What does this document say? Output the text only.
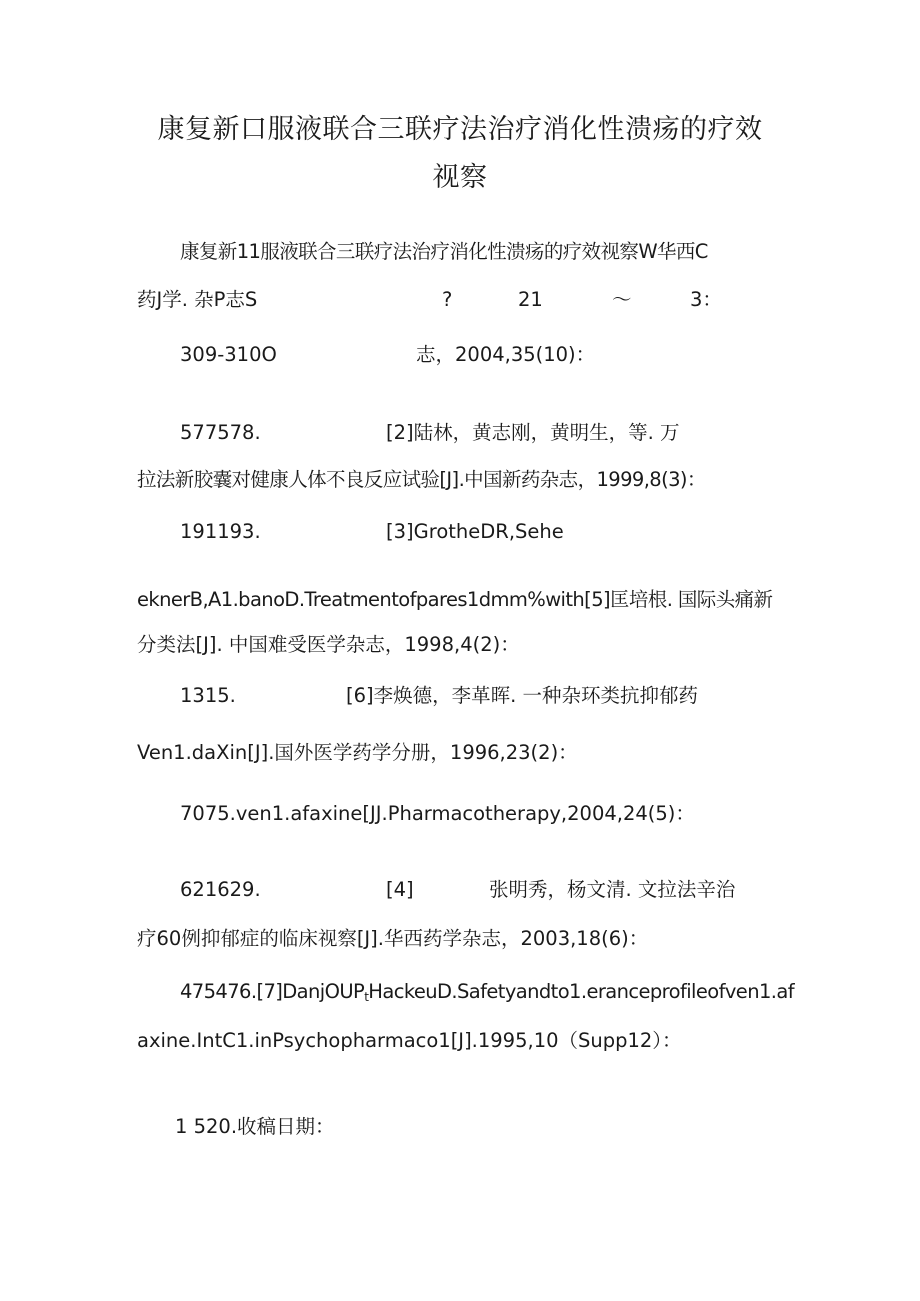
康复新口服液联合三联疗法治疗消化性溃疡的疗效
视察
康复新11服液联合三联疗法治疗消化性溃疡的疗效视察W华西C
药J学. 杂P志S	?	21	～	3：
309-310O	志，2004,35(10)：
577578.	[2]陆林，黄志刚，黄明生，等. 万
拉法新胶囊对健康人体不良反应试验[J].中国新药杂志，1999,8(3)：
191193.	[3]GrotheDR,Sehe
eknerB,A1.banoD.Treatmentofpares1dmm%with[5]匡培根. 国际头痛新
分类法[J]. 中国难受医学杂志，1998,4(2)：
1315.	[6]李焕德，李革晖. 一种杂环类抗抑郁药
Ven1.daXin[J].国外医学药学分册，1996,23(2)：
7075.ven1.afaxine[JJ.Pharmacotherapy,2004,24(5)：
621629.	[4]	张明秀，杨文清. 文拉法辛治
疗60例抑郁症的临床视察[J].华西药学杂志，2003,18(6)：
475476.[7]DanjOUP$_t$HackeuD.Safetyandto1.eranceprofileofven1.af
axine.IntC1.inPsychopharmaco1[J].1995,10（Supp12）：
1 520.收稿日期：
